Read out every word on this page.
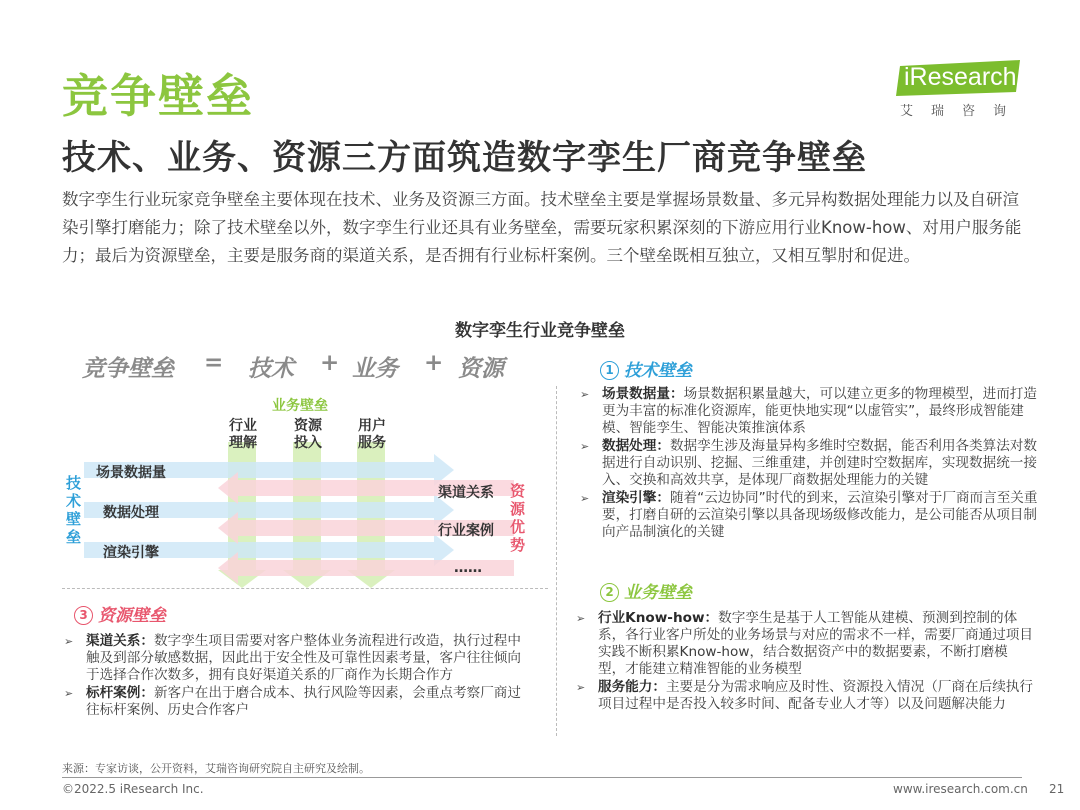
竞争壁垒	iResearch
艾瑞咨询
技术、业务、资源三方面筑造数字孪生厂商竞争壁垒
数字孪生行业玩家竞争壁垒主要体现在技术、业务及资源三方面。技术壁垒主要是掌握场景数量、多元异构数据处理能力以及自研渲染引擎打磨能力；除了技术壁垒以外，数字孪生行业还具有业务壁垒，需要玩家积累深刻的下游应用行业Know-how、对用户服务能力；最后为资源壁垒，主要是服务商的渠道关系，是否拥有行业标杆案例。三个壁垒既相互独立，又相互掣肘和促进。
数字孪生行业竞争壁垒
竞争壁垒 = 技术 + 业务 + 资源
业务壁垒
行业
理解
资源
投入
用户
服务
技术壁垒
场景数据量
数据处理
渲染引擎
资源优势
渠道关系
行业案例
……
1 技术壁垒
➢ 场景数据量：场景数据积累量越大，可以建立更多的物理模型，进而打造更为丰富的标准化资源库，能更快地实现“以虚管实”，最终形成智能建模、智能孪生、智能决策推演体系
➢ 数据处理：数据孪生涉及海量异构多维时空数据，能否利用各类算法对数据进行自动识别、挖掘、三维重建，并创建时空数据库，实现数据统一接入、交换和高效共享，是体现厂商数据处理能力的关键
➢ 渲染引擎：随着“云边协同”时代的到来，云渲染引擎对于厂商而言至关重要，打磨自研的云渲染引擎以具备现场级修改能力，是公司能否从项目制向产品制演化的关键
2 业务壁垒
➢ 行业Know-how：数字孪生是基于人工智能从建模、预测到控制的体系，各行业客户所处的业务场景与对应的需求不一样，需要厂商通过项目实践不断积累Know-how，结合数据资产中的数据要素，不断打磨模型，才能建立精准智能的业务模型
➢ 服务能力：主要是分为需求响应及时性、资源投入情况（厂商在后续执行项目过程中是否投入较多时间、配备专业人才等）以及问题解决能力
3 资源壁垒
➢ 渠道关系：数字孪生项目需要对客户整体业务流程进行改造，执行过程中触及到部分敏感数据，因此出于安全性及可靠性因素考量，客户往往倾向于选择合作次数多，拥有良好渠道关系的厂商作为长期合作方
➢ 标杆案例：新客户在出于磨合成本、执行风险等因素，会重点考察厂商过往标杆案例、历史合作客户
来源：专家访谈，公开资料，艾瑞咨询研究院自主研究及绘制。
©2022.5 iResearch Inc.	www.iresearch.com.cn 21
